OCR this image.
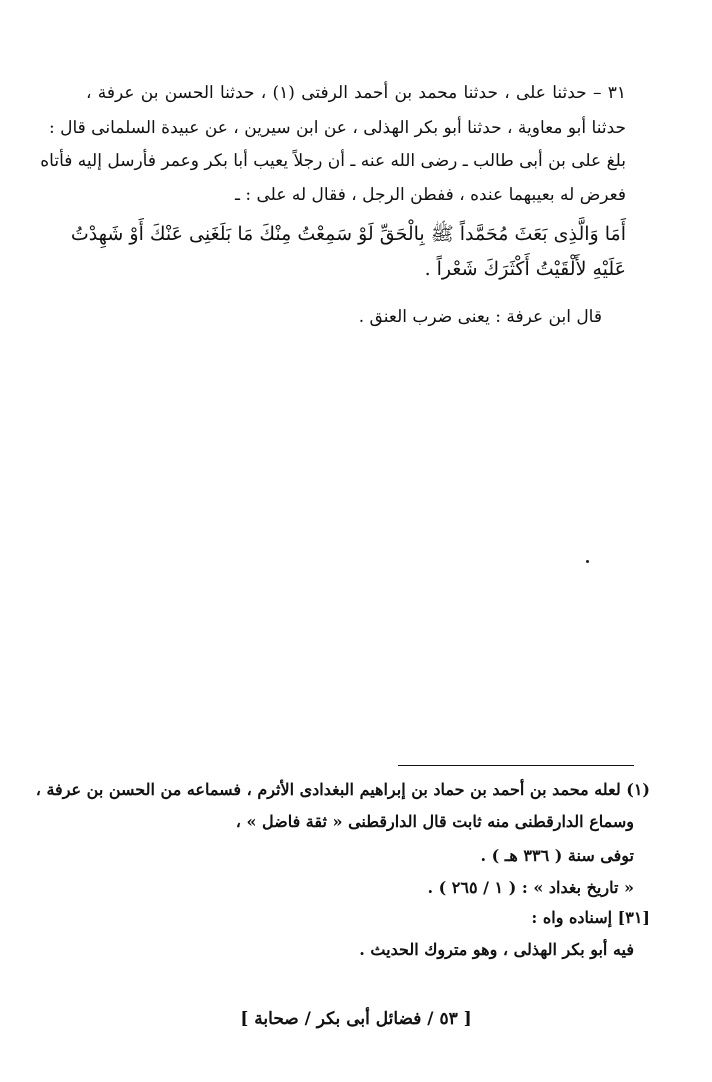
٣١ – حدثنا على ، حدثنا محمد بن أحمد الرفتى (١) ، حدثنا الحسن بن عرفة ،
حدثنا أبو معاوية ، حدثنا أبو بكر الهذلى ، عن ابن سيرين ، عن عبيدة السلمانى قال :
بلغ على بن أبى طالب ـ رضى الله عنه ـ أن رجلاً يعيب أبا بكر وعمر فأرسل إليه فأتاه
فعرض له بعيبهما عنده ، ففطن الرجل ، فقال له على : ـ
أَمَا وَالَّذِى بَعَثَ مُحَمَّداً ﷺ بِالْحَقِّ لَوْ سَمِعْتُ مِنْكَ مَا بَلَغَنِى عَنْكَ أَوْ شَهِدْتُ
عَلَيْهِ لأَلْقَيْتُ أَكْثَرَكَ شَعْراً .
قال ابن عرفة : يعنى ضرب العنق .
(١) لعله محمد بن أحمد بن حماد بن إبراهيم البغدادى الأثرم ، فسماعه من الحسن بن عرفة ،
وسماع الدارقطنى منه ثابت قال الدارقطنى « ثقة فاضل » ،
توفى سنة ( ٣٣٦ هـ ) .
« تاريخ بغداد » : ( ١ / ٢٦٥ ) .
[٣١] إسناده واه :
فيه أبو بكر الهذلى ، وهو متروك الحديث .
[ ٥٣ / فضائل أبى بكر / صحابة ]
